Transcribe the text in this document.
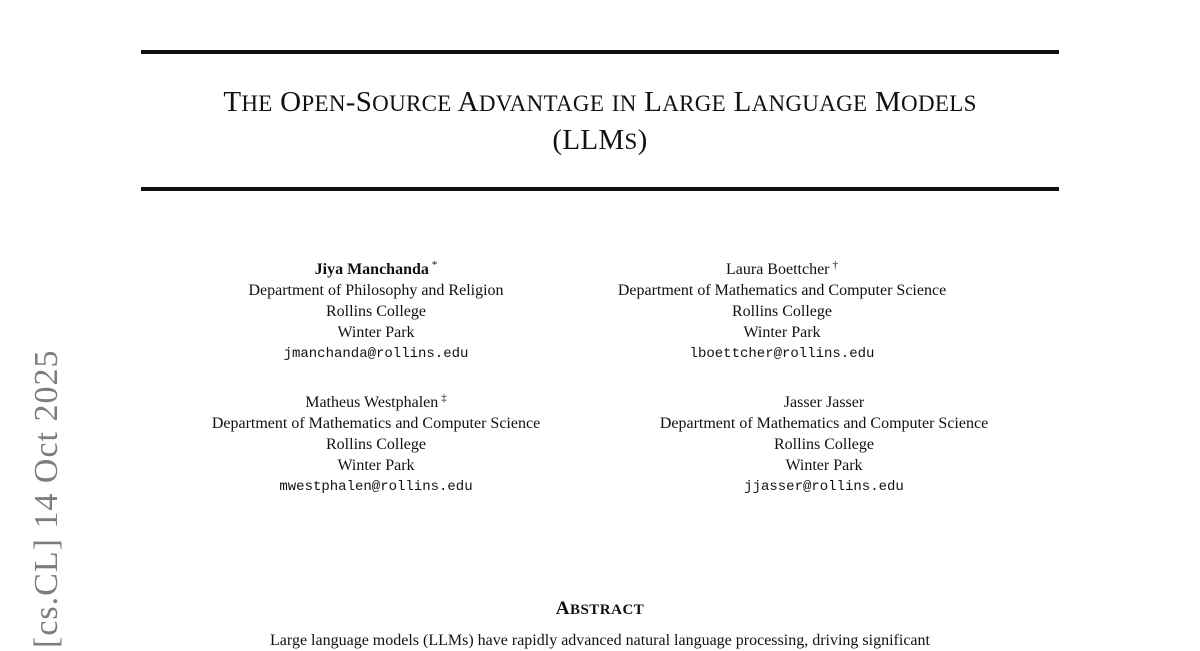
THE OPEN-SOURCE ADVANTAGE IN LARGE LANGUAGE MODELS
(LLMS)
Jiya Manchanda *
Department of Philosophy and Religion
Rollins College
Winter Park
jmanchanda@rollins.edu
Laura Boettcher †
Department of Mathematics and Computer Science
Rollins College
Winter Park
lboettcher@rollins.edu
Matheus Westphalen ‡
Department of Mathematics and Computer Science
Rollins College
Winter Park
mwestphalen@rollins.edu
Jasser Jasser
Department of Mathematics and Computer Science
Rollins College
Winter Park
jjasser@rollins.edu
ABSTRACT
Large language models (LLMs) have rapidly advanced natural language processing, driving significant
[cs.CL] 14 Oct 2025
